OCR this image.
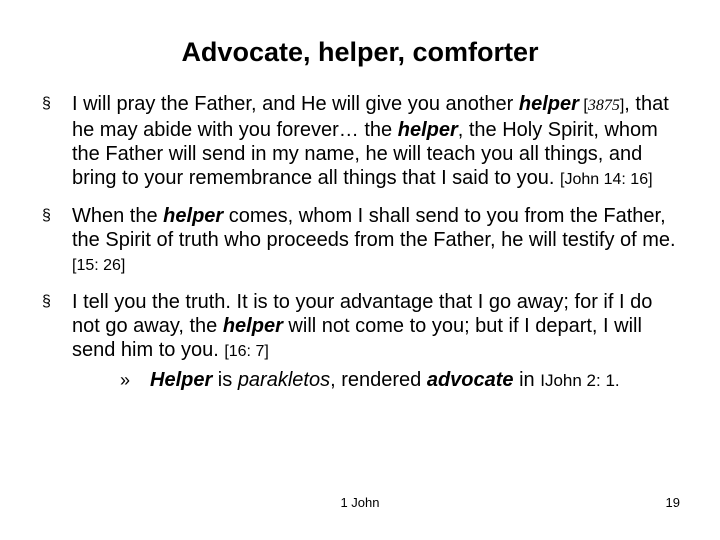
Advocate, helper, comforter
§	I will pray the Father, and He will give you another helper [3875], that he may abide with you forever… the helper, the Holy Spirit, whom the Father will send in my name, he will teach you all things, and bring to your remembrance all things that I said to you. [John 14: 16]
§	When the helper comes, whom I shall send to you from the Father, the Spirit of truth who proceeds from the Father, he will testify of me. [15: 26]
§	I tell you the truth. It is to your advantage that I go away; for if I do not go away, the helper will not come to you; but if I depart, I will send him to you. [16: 7]
» Helper is parakletos, rendered advocate in IJohn 2: 1.
1 John	19
